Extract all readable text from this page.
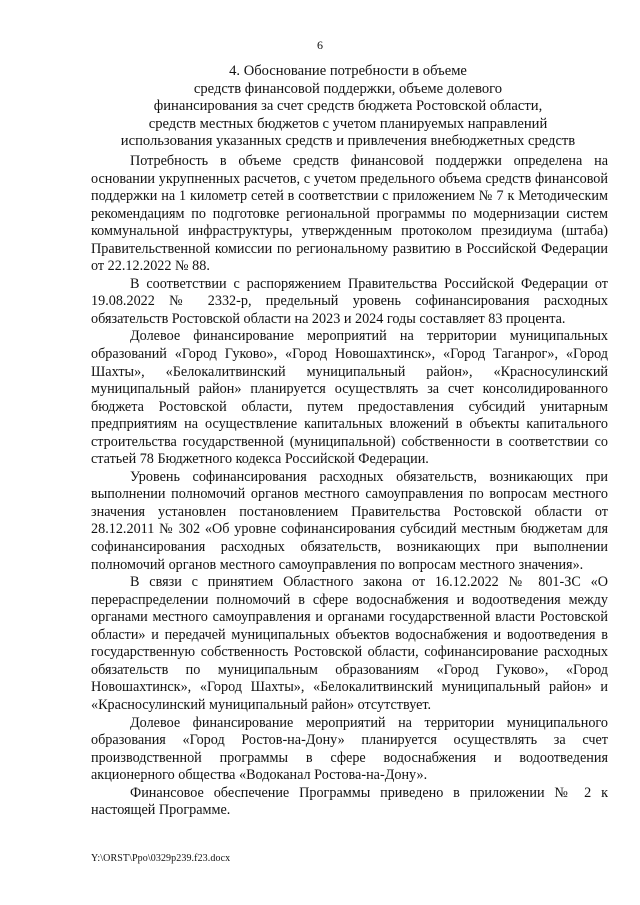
6
4. Обоснование потребности в объеме
средств финансовой поддержки, объеме долевого
финансирования за счет средств бюджета Ростовской области,
средств местных бюджетов с учетом планируемых направлений
использования указанных средств и привлечения внебюджетных средств

Потребность в объеме средств финансовой поддержки определена на основании укрупненных расчетов, с учетом предельного объема средств финансовой поддержки на 1 километр сетей в соответствии с приложением № 7 к Методическим рекомендациям по подготовке региональной программы по модернизации систем коммунальной инфраструктуры, утвержденным протоколом президиума (штаба) Правительственной комиссии по региональному развитию в Российской Федерации от 22.12.2022 № 88.

В соответствии с распоряжением Правительства Российской Федерации от 19.08.2022 № 2332-р, предельный уровень софинансирования расходных обязательств Ростовской области на 2023 и 2024 годы составляет 83 процента.

Долевое финансирование мероприятий на территории муниципальных образований «Город Гуково», «Город Новошахтинск», «Город Таганрог», «Город Шахты», «Белокалитвинский муниципальный район», «Красносулинский муниципальный район» планируется осуществлять за счет консолидированного бюджета Ростовской области, путем предоставления субсидий унитарным предприятиям на осуществление капитальных вложений в объекты капитального строительства государственной (муниципальной) собственности в соответствии со статьей 78 Бюджетного кодекса Российской Федерации.

Уровень софинансирования расходных обязательств, возникающих при выполнении полномочий органов местного самоуправления по вопросам местного значения установлен постановлением Правительства Ростовской области от 28.12.2011 № 302 «Об уровне софинансирования субсидий местным бюджетам для софинансирования расходных обязательств, возникающих при выполнении полномочий органов местного самоуправления по вопросам местного значения».

В связи с принятием Областного закона от 16.12.2022 № 801-ЗС «О перераспределении полномочий в сфере водоснабжения и водоотведения между органами местного самоуправления и органами государственной власти Ростовской области» и передачей муниципальных объектов водоснабжения и водоотведения в государственную собственность Ростовской области, софинансирование расходных обязательств по муниципальным образованиям «Город Гуково», «Город Новошахтинск», «Город Шахты», «Белокалитвинский муниципальный район» и «Красносулинский муниципальный район» отсутствует.

Долевое финансирование мероприятий на территории муниципального образования «Город Ростов-на-Дону» планируется осуществлять за счет производственной программы в сфере водоснабжения и водоотведения акционерного общества «Водоканал Ростова-на-Дону».

Финансовое обеспечение Программы приведено в приложении № 2 к настоящей Программе.

Y:\ORST\Ppo\0329p239.f23.docx
